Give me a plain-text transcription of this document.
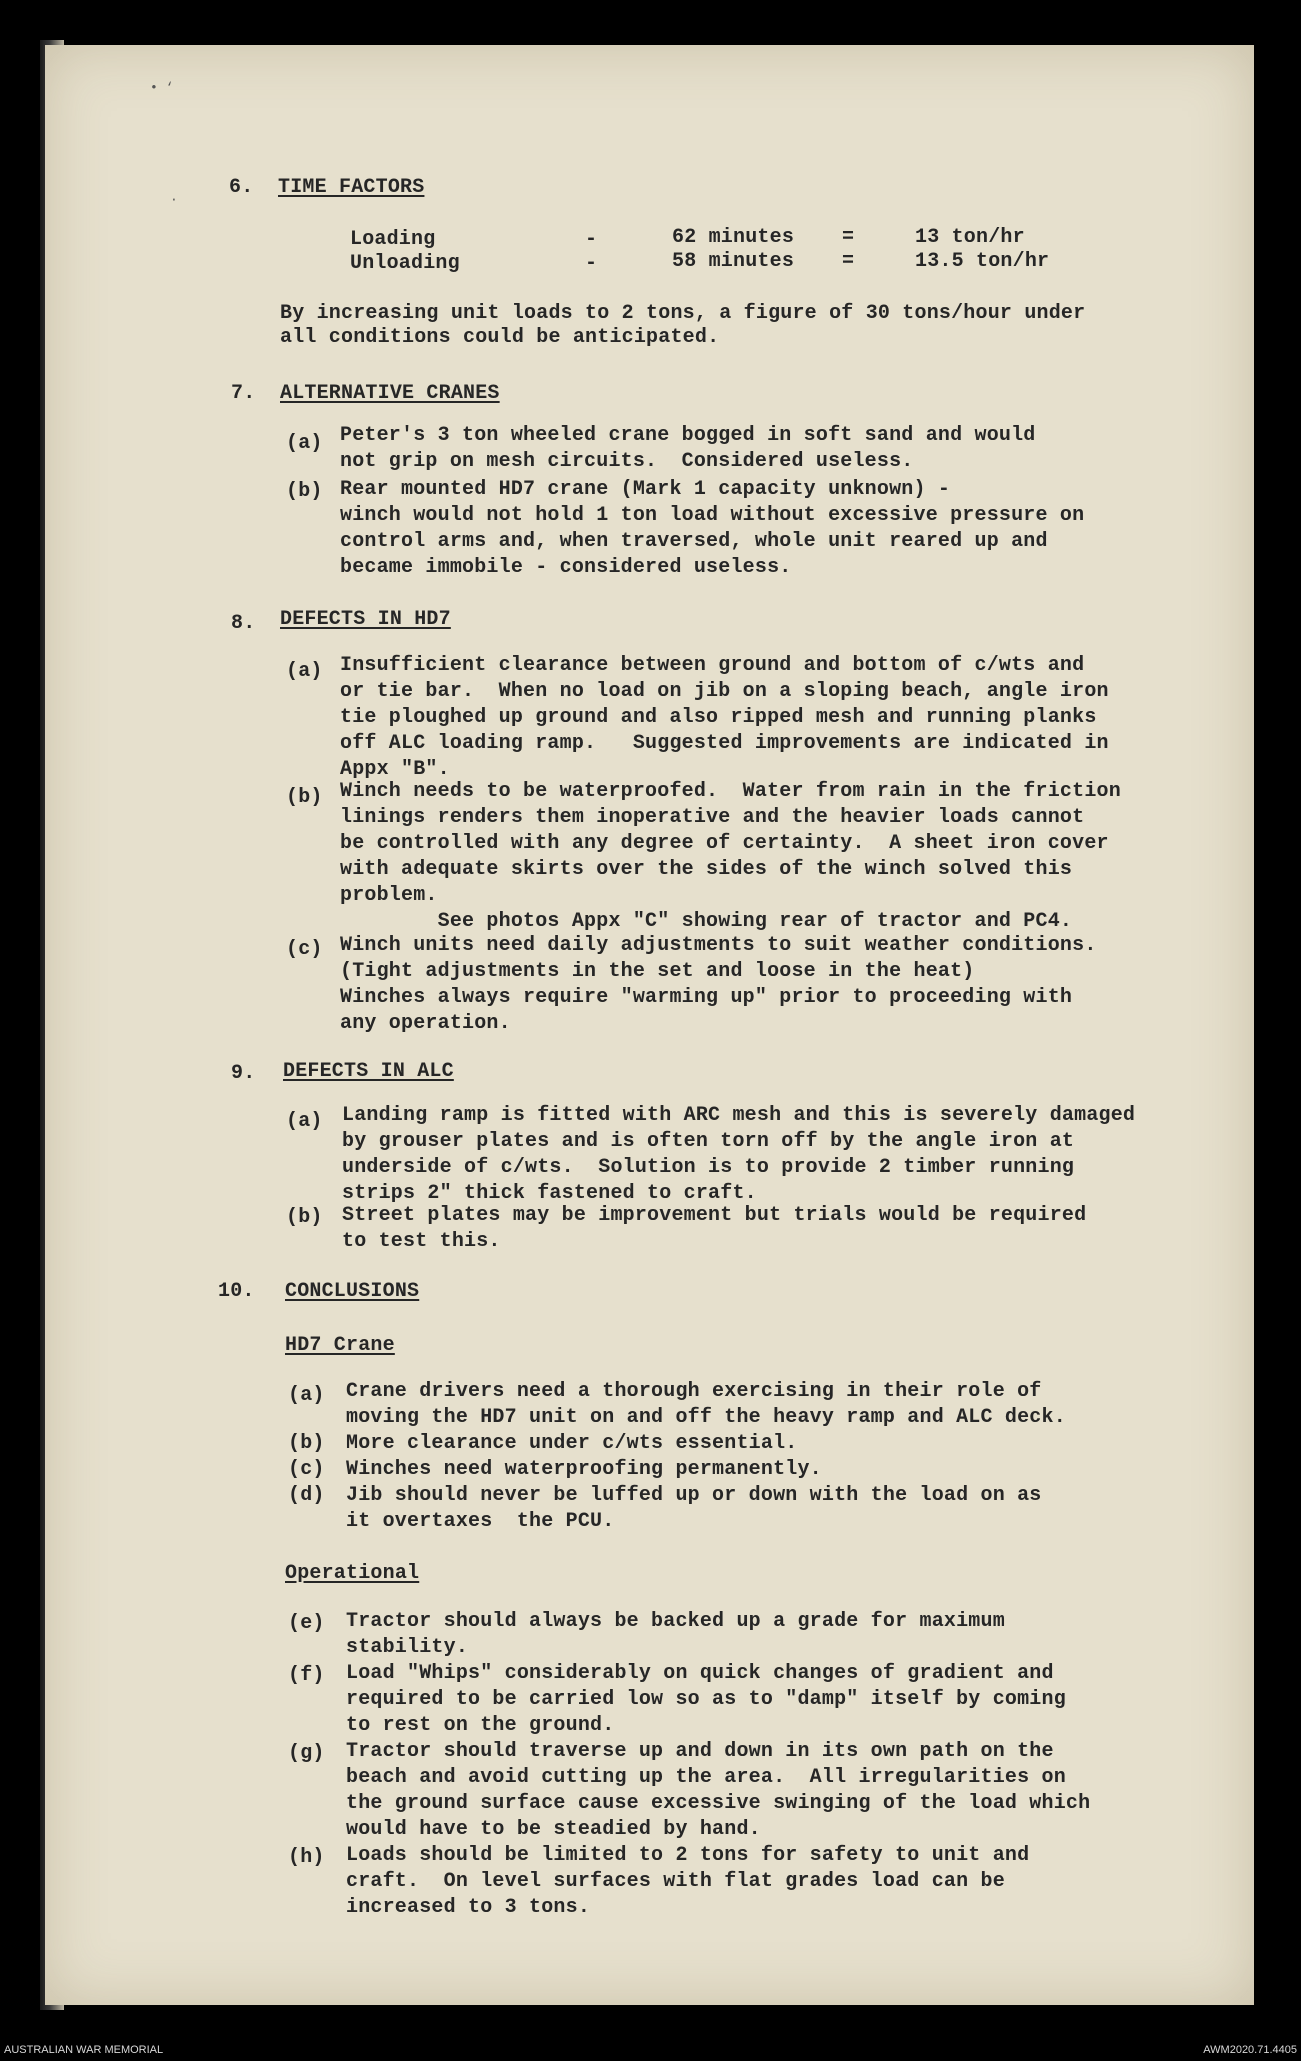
• ‘
·
6. TIME FACTORS
Loading	-	62 minutes =	13 ton/hr
Unloading	-	58 minutes =	13.5 ton/hr
By increasing unit loads to 2 tons, a figure of 30 tons/hour under
all conditions could be anticipated.
7. ALTERNATIVE CRANES
(a) Peter's 3 ton wheeled crane bogged in soft sand and would
not grip on mesh circuits.  Considered useless.
(b) Rear mounted HD7 crane (Mark 1 capacity unknown) -
winch would not hold 1 ton load without excessive pressure on
control arms and, when traversed, whole unit reared up and
became immobile - considered useless.
8. DEFECTS IN HD7
(a) Insufficient clearance between ground and bottom of c/wts and
or tie bar.  When no load on jib on a sloping beach, angle iron
tie ploughed up ground and also ripped mesh and running planks
off ALC loading ramp.   Suggested improvements are indicated in
Appx "B".
(b) Winch needs to be waterproofed.  Water from rain in the friction
linings renders them inoperative and the heavier loads cannot
be controlled with any degree of certainty.  A sheet iron cover
with adequate skirts over the sides of the winch solved this
problem.
See photos Appx "C" showing rear of tractor and PC4.
(c) Winch units need daily adjustments to suit weather conditions.
(Tight adjustments in the set and loose in the heat)
Winches always require "warming up" prior to proceeding with
any operation.
9. DEFECTS IN ALC
(a) Landing ramp is fitted with ARC mesh and this is severely damaged
by grouser plates and is often torn off by the angle iron at
underside of c/wts.  Solution is to provide 2 timber running
strips 2" thick fastened to craft.
(b) Street plates may be improvement but trials would be required
to test this.
10. CONCLUSIONS
HD7 Crane
(a) Crane drivers need a thorough exercising in their role of
moving the HD7 unit on and off the heavy ramp and ALC deck.
(b) More clearance under c/wts essential.
(c) Winches need waterproofing permanently.
(d) Jib should never be luffed up or down with the load on as
it overtaxes  the PCU.
Operational
(e) Tractor should always be backed up a grade for maximum
stability.
(f) Load "Whips" considerably on quick changes of gradient and
required to be carried low so as to "damp" itself by coming
to rest on the ground.
(g) Tractor should traverse up and down in its own path on the
beach and avoid cutting up the area.  All irregularities on
the ground surface cause excessive swinging of the load which
would have to be steadied by hand.
(h) Loads should be limited to 2 tons for safety to unit and
craft.  On level surfaces with flat grades load can be
increased to 3 tons.
AUSTRALIAN WAR MEMORIAL	AWM2020.71.4405
